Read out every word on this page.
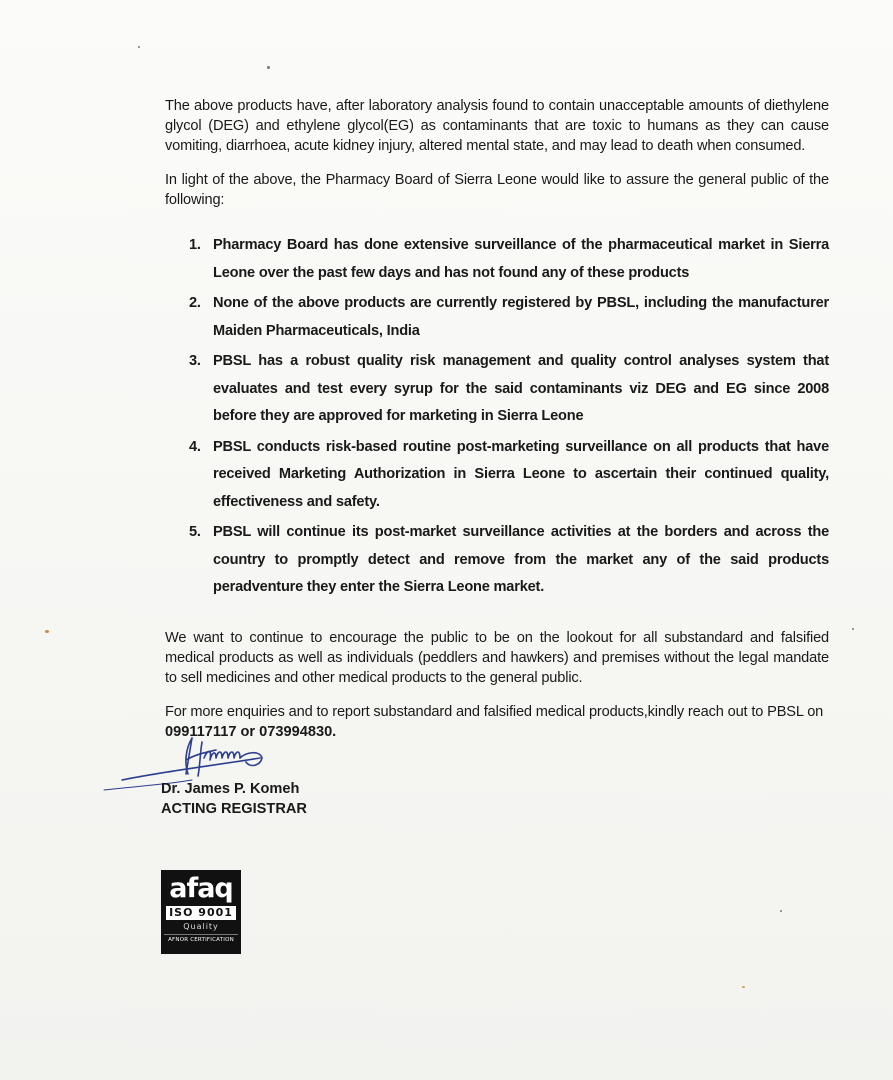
The above products have, after laboratory analysis found to contain unacceptable amounts of diethylene glycol (DEG) and ethylene glycol(EG) as contaminants that are toxic to humans as they can cause vomiting, diarrhoea, acute kidney injury, altered mental state, and may lead to death when consumed.

In light of the above, the Pharmacy Board of Sierra Leone would like to assure the general public of the following:

1. Pharmacy Board has done extensive surveillance of the pharmaceutical market in Sierra Leone over the past few days and has not found any of these products
2. None of the above products are currently registered by PBSL, including the manufacturer Maiden Pharmaceuticals, India
3. PBSL has a robust quality risk management and quality control analyses system that evaluates and test every syrup for the said contaminants viz DEG and EG since 2008 before they are approved for marketing in Sierra Leone
4. PBSL conducts risk-based routine post-marketing surveillance on all products that have received Marketing Authorization in Sierra Leone to ascertain their continued quality, effectiveness and safety.
5. PBSL will continue its post-market surveillance activities at the borders and across the country to promptly detect and remove from the market any of the said products peradventure they enter the Sierra Leone market.

We want to continue to encourage the public to be on the lookout for all substandard and falsified medical products as well as individuals (peddlers and hawkers) and premises without the legal mandate to sell medicines and other medical products to the general public.

For more enquiries and to report substandard and falsified medical products,kindly reach out to PBSL on

099117117 or 073994830.
Dr. James P. Komeh
ACTING REGISTRAR
afaq
ISO 9001
Quality
AFNOR CERTIFICATION
